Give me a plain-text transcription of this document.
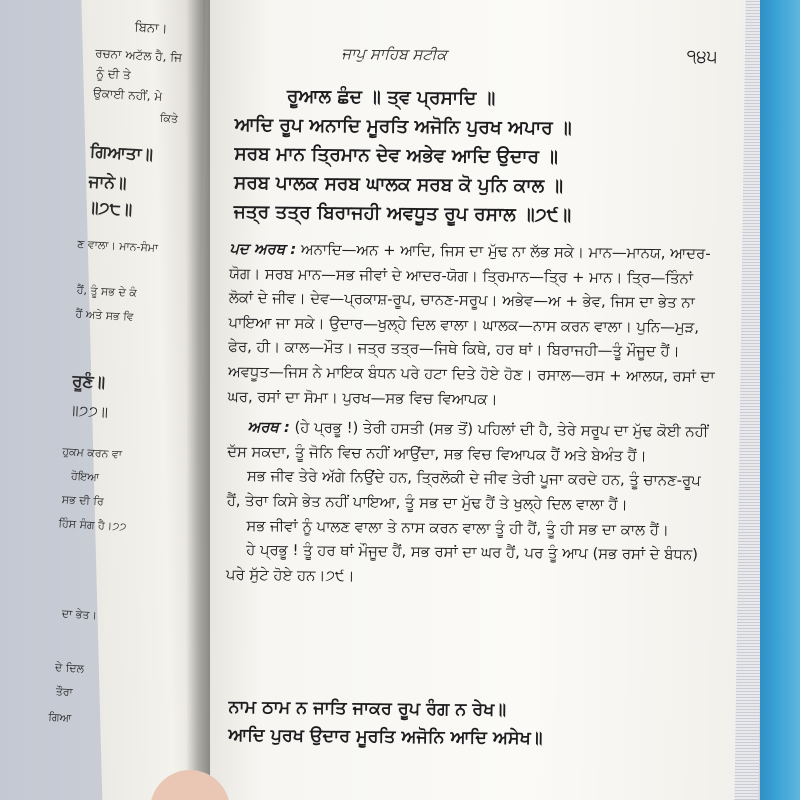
ਬਿਨਾ।
ਰਚਨਾ ਅਟੱਲ ਹੈ, ਜਿ
ਨੂੰ ਦੀ ਤੇ
ਉਕਾਈ ਨਹੀਂ, ਮੇ
ਕਿਤੇ
ਗਿਆਤਾ॥
ਜਾਨੇ॥
॥੭੮॥
ਣ ਵਾਲਾ। ਮਾਨ-ਸੰਮਾ
ਹੈਂ, ਤੂੰ ਸਭ ਦੇ ਕੰ
ਹੈਂ ਅਤੇ ਸਭ ਵਿ
ਰੂਣੰ॥
॥੭੭॥
ਹੁਕਮ ਕਰਨ ਵਾ
ਹੋਇਆ
ਸਭ ਦੀ ਰਿ
ਹਿੰਸ ਸੰਗ ਹੈ।੭੭
ਦਾ ਭੇਤ।
ਦੇ ਦਿਲ
ਤੌਰਾ
ਗਿਆ
ਜਾਪੁ ਸਾਹਿਬ ਸਟੀਕ	੧੪੫
ਰੂਆਲ ਛੰਦ ॥ ਤ੍ਵ ਪ੍ਰਸਾਦਿ ॥
ਆਦਿ ਰੂਪ ਅਨਾਦਿ ਮੂਰਤਿ ਅਜੋਨਿ ਪੁਰਖ ਅਪਾਰ ॥
ਸਰਬ ਮਾਨ ਤ੍ਰਿਮਾਨ ਦੇਵ ਅਭੇਵ ਆਦਿ ਉਦਾਰ ॥
ਸਰਬ ਪਾਲਕ ਸਰਬ ਘਾਲਕ ਸਰਬ ਕੋ ਪੁਨਿ ਕਾਲ ॥
ਜਤ੍ਰ ਤਤ੍ਰ ਬਿਰਾਜਹੀ ਅਵਧੂਤ ਰੂਪ ਰਸਾਲ ॥੭੯॥
ਪਦ ਅਰਥ : ਅਨਾਦਿ—ਅਨ + ਆਦਿ, ਜਿਸ ਦਾ ਮੁੱਢ ਨਾ ਲੱਭ ਸਕੇ। ਮਾਨ—ਮਾਨਯ, ਆਦਰ-ਯੋਗ। ਸਰਬ ਮਾਨ—ਸਭ ਜੀਵਾਂ ਦੇ ਆਦਰ-ਯੋਗ। ਤ੍ਰਿਮਾਨ—ਤ੍ਰਿ + ਮਾਨ। ਤ੍ਰਿ—ਤਿੰਨਾਂ ਲੋਕਾਂ ਦੇ ਜੀਵ। ਦੇਵ—ਪ੍ਰਕਾਸ਼-ਰੂਪ, ਚਾਨਣ-ਸਰੂਪ। ਅਭੇਵ—ਅ + ਭੇਵ, ਜਿਸ ਦਾ ਭੇਤ ਨਾ ਪਾਇਆ ਜਾ ਸਕੇ। ਉਦਾਰ—ਖੁਲ੍ਹੇ ਦਿਲ ਵਾਲਾ। ਘਾਲਕ—ਨਾਸ ਕਰਨ ਵਾਲਾ। ਪੁਨਿ—ਮੁੜ, ਫੇਰ, ਹੀ। ਕਾਲ—ਮੌਤ। ਜਤ੍ਰ ਤਤ੍ਰ—ਜਿਥੇ ਕਿਥੇ, ਹਰ ਥਾਂ। ਬਿਰਾਜਹੀ—ਤੂੰ ਮੌਜੂਦ ਹੈਂ। ਅਵਧੂਤ—ਜਿਸ ਨੇ ਮਾਇਕ ਬੰਧਨ ਪਰੇ ਹਟਾ ਦਿਤੇ ਹੋਏ ਹੋਣ। ਰਸਾਲ—ਰਸ + ਆਲਯ, ਰਸਾਂ ਦਾ ਘਰ, ਰਸਾਂ ਦਾ ਸੋਮਾ। ਪੁਰਖ—ਸਭ ਵਿਚ ਵਿਆਪਕ।
ਅਰਥ : (ਹੇ ਪ੍ਰਭੂ !) ਤੇਰੀ ਹਸਤੀ (ਸਭ ਤੋਂ) ਪਹਿਲਾਂ ਦੀ ਹੈ, ਤੇਰੇ ਸਰੂਪ ਦਾ ਮੁੱਢ ਕੋਈ ਨਹੀਂ ਦੱਸ ਸਕਦਾ, ਤੂੰ ਜੋਨਿ ਵਿਚ ਨਹੀਂ ਆਉਂਦਾ, ਸਭ ਵਿਚ ਵਿਆਪਕ ਹੈਂ ਅਤੇ ਬੇਅੰਤ ਹੈਂ।
ਸਭ ਜੀਵ ਤੇਰੇ ਅੱਗੇ ਨਿਉਂਦੇ ਹਨ, ਤ੍ਰਿਲੋਕੀ ਦੇ ਜੀਵ ਤੇਰੀ ਪੂਜਾ ਕਰਦੇ ਹਨ, ਤੂੰ ਚਾਨਣ-ਰੂਪ ਹੈਂ, ਤੇਰਾ ਕਿਸੇ ਭੇਤ ਨਹੀਂ ਪਾਇਆ, ਤੂੰ ਸਭ ਦਾ ਮੁੱਢ ਹੈਂ ਤੇ ਖੁਲ੍ਹੇ ਦਿਲ ਵਾਲਾ ਹੈਂ।
ਸਭ ਜੀਵਾਂ ਨੂੰ ਪਾਲਣ ਵਾਲਾ ਤੇ ਨਾਸ ਕਰਨ ਵਾਲਾ ਤੂੰ ਹੀ ਹੈਂ, ਤੂੰ ਹੀ ਸਭ ਦਾ ਕਾਲ ਹੈਂ।
ਹੇ ਪ੍ਰਭੂ ! ਤੂੰ ਹਰ ਥਾਂ ਮੌਜੂਦ ਹੈਂ, ਸਭ ਰਸਾਂ ਦਾ ਘਰ ਹੈਂ, ਪਰ ਤੂੰ ਆਪ (ਸਭ ਰਸਾਂ ਦੇ ਬੰਧਨ) ਪਰੇ ਸੁੱਟੇ ਹੋਏ ਹਨ।੭੯।
ਨਾਮ ਠਾਮ ਨ ਜਾਤਿ ਜਾਕਰ ਰੂਪ ਰੰਗ ਨ ਰੇਖ॥
ਆਦਿ ਪੁਰਖ ਉਦਾਰ ਮੂਰਤਿ ਅਜੋਨਿ ਆਦਿ ਅਸੇਖ॥
